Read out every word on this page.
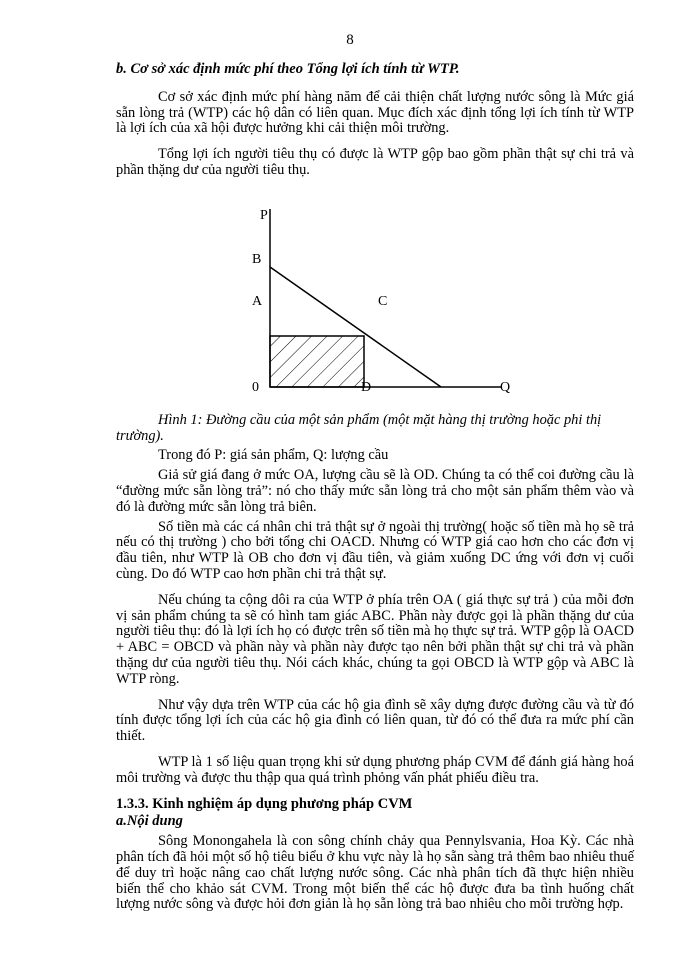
8
b. Cơ sở xác định mức phí theo Tổng lợi ích tính từ WTP.
Cơ sở xác định mức phí hàng năm để cải thiện chất lượng nước sông là Mức giá sẵn lòng trả (WTP) các hộ dân có liên quan. Mục đích xác định tổng lợi ích tính từ WTP là lợi ích của xã hội được hưởng khi cải thiện môi trường.
Tổng lợi ích người tiêu thụ có được là WTP gộp bao gồm phần thật sự chi trả và phần thặng dư của người tiêu thụ.
P
B
A	C
0	D	Q
Hình 1: Đường cầu của một sản phẩm (một mặt hàng thị trường hoặc phi thị trường).
Trong đó P: giá sản phẩm, Q: lượng cầu
Giả sử giá đang ở mức OA, lượng cầu sẽ là OD. Chúng ta có thể coi đường cầu là “đường mức sẵn lòng trả”: nó cho thấy mức sẵn lòng trả cho một sản phẩm thêm vào và đó là đường mức sẵn lòng trả biên.
Số tiền mà các cá nhân chi trả thật sự ở ngoài thị trường( hoặc số tiền mà họ sẽ trả nếu có thị trường ) cho bởi tổng chi OACD. Nhưng có WTP giá cao hơn cho các đơn vị đầu tiên, như WTP là OB cho đơn vị đầu tiên, và giảm xuống DC ứng với đơn vị cuối cùng. Do đó WTP cao hơn phần chi trả thật sự.
Nếu chúng ta cộng dôi ra của WTP ở phía trên OA ( giá thực sự trả ) của mỗi đơn vị sản phẩm chúng ta sẽ có hình tam giác ABC. Phần này được gọi là phần thặng dư của người tiêu thụ: đó là lợi ích họ có được trên số tiền mà họ thực sự trả. WTP gộp là OACD + ABC = OBCD và phần này và phần này được tạo nên bởi phần thật sự chi trả và phần thặng dư của người tiêu thụ. Nói cách khác, chúng ta gọi OBCD là WTP gộp và ABC là WTP ròng.
Như vậy dựa trên WTP của các hộ gia đình sẽ xây dựng được đường cầu và từ đó tính được tổng lợi ích của các hộ gia đình có liên quan, từ đó có thể đưa ra mức phí cần thiết.
WTP là 1 số liệu quan trọng khi sử dụng phương pháp CVM để đánh giá hàng hoá môi trường và được thu thập qua quá trình phỏng vấn phát phiếu điều tra.
1.3.3. Kinh nghiệm áp dụng phương pháp CVM
a.Nội dung
Sông Monongahela là con sông chính chảy qua Pennylsvania, Hoa Kỳ. Các nhà phân tích đã hỏi một số hộ tiêu biểu ở khu vực này là họ sẵn sàng trả thêm bao nhiêu thuế để duy trì hoặc nâng cao chất lượng nước sông. Các nhà phân tích đã thực hiện nhiều biến thể cho khảo sát CVM. Trong một biến thể các hộ được đưa ba tình huống chất lượng nước sông và được hỏi đơn giản là họ sẵn lòng trả bao nhiêu cho mỗi trường hợp.
